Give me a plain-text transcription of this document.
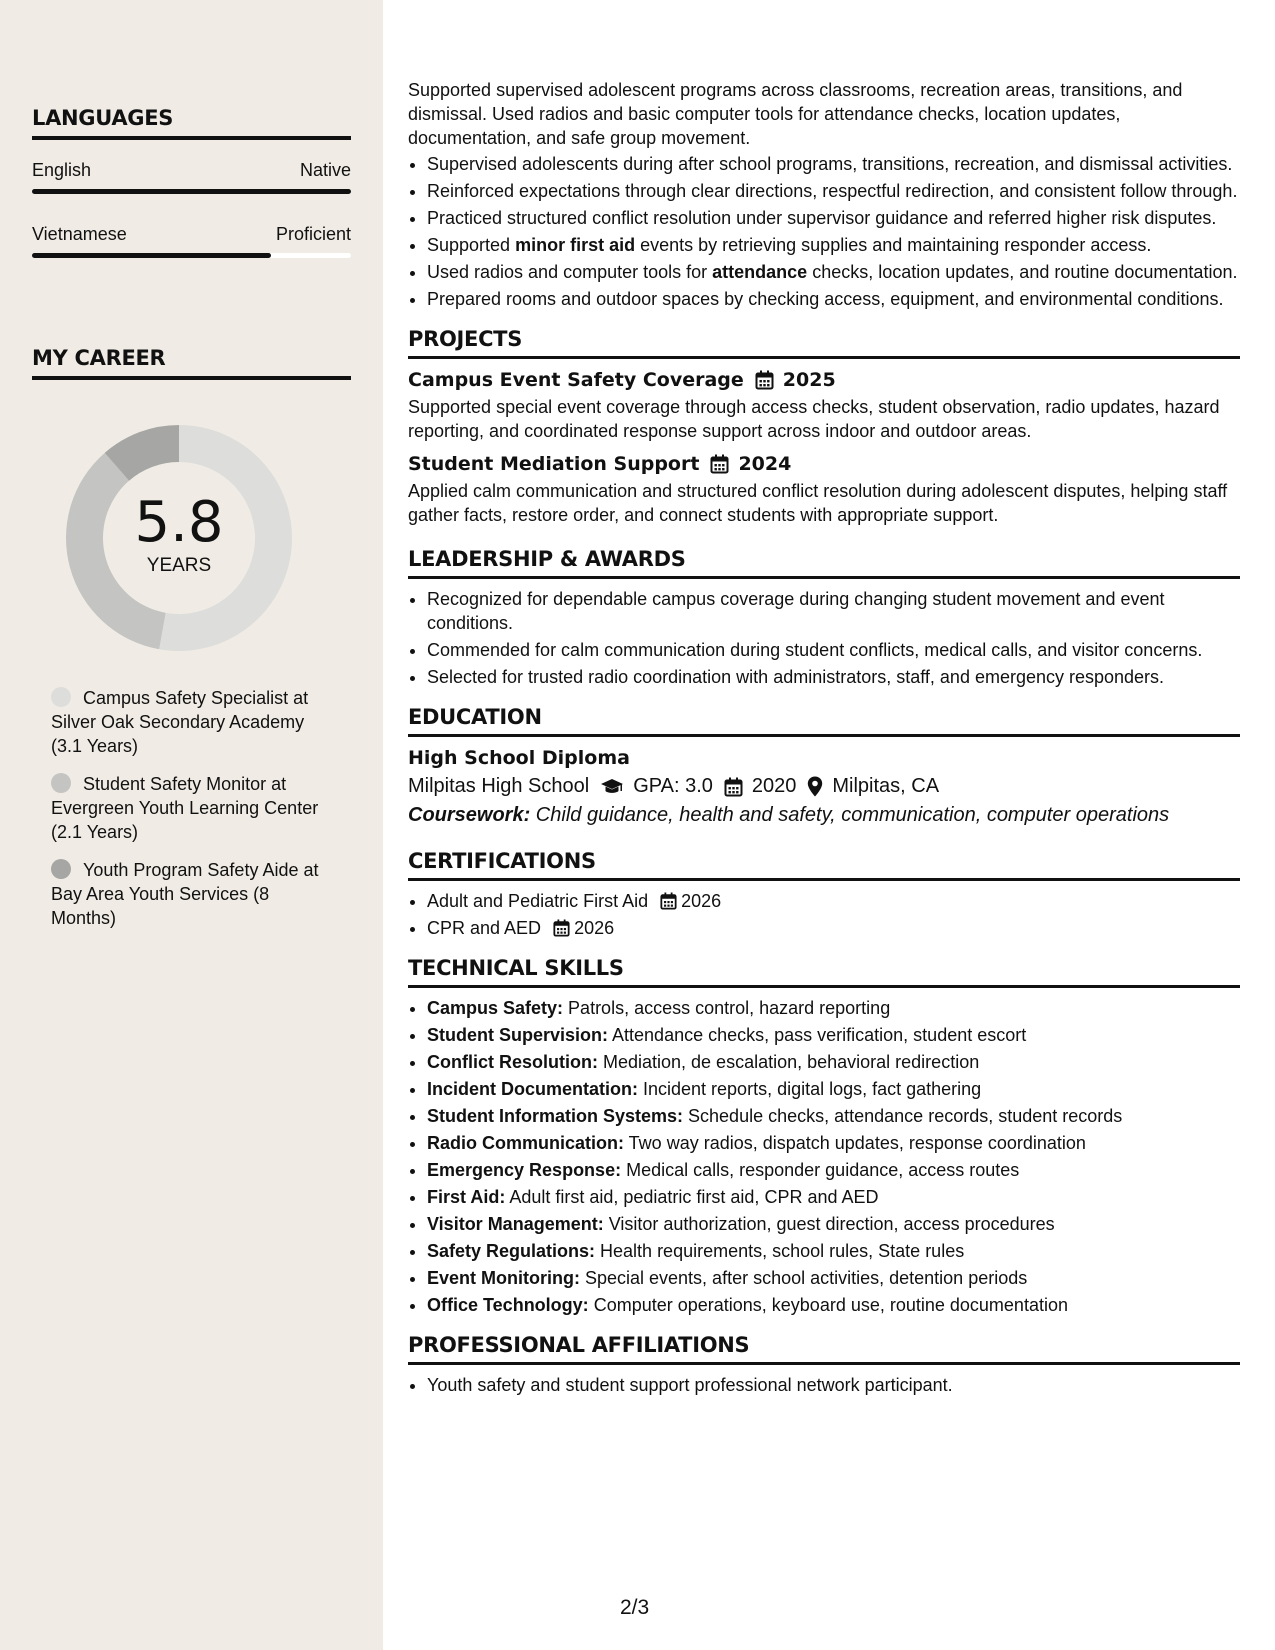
LANGUAGES
English	Native
Vietnamese	Proficient
MY CAREER
5.8
YEARS
Campus Safety Specialist at Silver Oak Secondary Academy (3.1 Years)
Student Safety Monitor at Evergreen Youth Learning Center (2.1 Years)
Youth Program Safety Aide at Bay Area Youth Services (8 Months)

Supported supervised adolescent programs across classrooms, recreation areas, transitions, and dismissal. Used radios and basic computer tools for attendance checks, location updates, documentation, and safe group movement.

• Supervised adolescents during after school programs, transitions, recreation, and dismissal activities.
• Reinforced expectations through clear directions, respectful redirection, and consistent follow through.
• Practiced structured conflict resolution under supervisor guidance and referred higher risk disputes.
• Supported minor first aid events by retrieving supplies and maintaining responder access.
• Used radios and computer tools for attendance checks, location updates, and routine documentation.
• Prepared rooms and outdoor spaces by checking access, equipment, and environmental conditions.
PROJECTS
Campus Event Safety Coverage 2025

Supported special event coverage through access checks, student observation, radio updates, hazard reporting, and coordinated response support across indoor and outdoor areas.

Student Mediation Support 2024

Applied calm communication and structured conflict resolution during adolescent disputes, helping staff gather facts, restore order, and connect students with appropriate support.

LEADERSHIP & AWARDS
• Recognized for dependable campus coverage during changing student movement and event conditions.
• Commended for calm communication during student conflicts, medical calls, and visitor concerns.
• Selected for trusted radio coordination with administrators, staff, and emergency responders.
EDUCATION
High School Diploma
Milpitas High School GPA: 3.0 2020 Milpitas, CA
Coursework: Child guidance, health and safety, communication, computer operations
CERTIFICATIONS
• Adult and Pediatric First Aid 2026
• CPR and AED 2026
TECHNICAL SKILLS
• Campus Safety: Patrols, access control, hazard reporting
• Student Supervision: Attendance checks, pass verification, student escort
• Conflict Resolution: Mediation, de escalation, behavioral redirection
• Incident Documentation: Incident reports, digital logs, fact gathering
• Student Information Systems: Schedule checks, attendance records, student records
• Radio Communication: Two way radios, dispatch updates, response coordination
• Emergency Response: Medical calls, responder guidance, access routes
• First Aid: Adult first aid, pediatric first aid, CPR and AED
• Visitor Management: Visitor authorization, guest direction, access procedures
• Safety Regulations: Health requirements, school rules, State rules
• Event Monitoring: Special events, after school activities, detention periods
• Office Technology: Computer operations, keyboard use, routine documentation
PROFESSIONAL AFFILIATIONS
• Youth safety and student support professional network participant.
2/3
